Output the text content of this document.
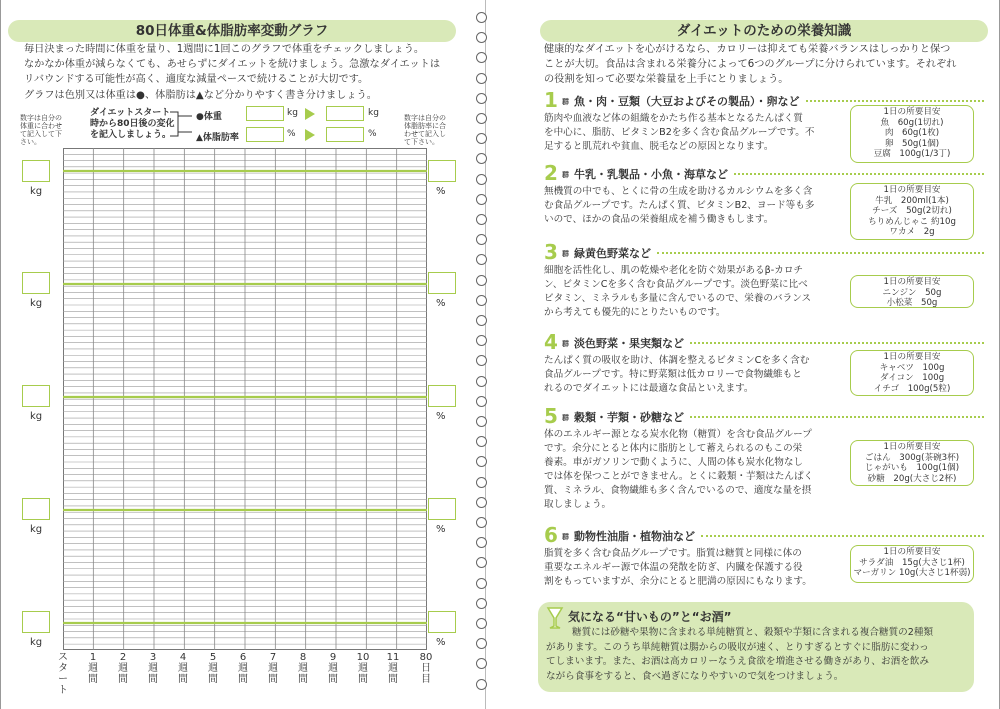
80日体重&体脂肪率変動グラフ
毎日決まった時間に体重を量り、1週間に1回このグラフで体重をチェックしましょう。
なかなか体重が減らなくても、あせらずにダイエットを続けましょう。急激なダイエットは
リバウンドする可能性が高く、適度な減量ペースで続けることが大切です。
グラフは色別又は体重は●、体脂肪は▲など分かりやすく書き分けましょう。
数字は自分の
体重に合わせ
て記入して下
さい。
数字は自分の
体脂肪率に合
わせて記入し
て下さい。
ダイエットスタート
時から80日後の変化
を記入しましょう。
●体重
▲体脂肪率
kg	kg
%	%
kg	%
kg	%
kg	%
kg	%
kg	%
ス
タ
ー
ト
1
週
間
2
週
間
3
週
間
4
週
間
5
週
間
6
週
間
7
週
間
8
週
間
9
週
間
10
週
間
11
週
間
80
日
目
ダイエットのための栄養知識
健康的なダイエットを心がけるなら、カロリーは抑えても栄養バランスはしっかりと保つ
ことが大切。食品は含まれる栄養分によって6つのグループに分けられています。それぞれ
の役割を知って必要な栄養量を上手にとりましょう。
1 群 魚・肉・豆類（大豆およびその製品）・卵など
筋肉や血液など体の組織をかたち作る基本となるたんぱく質
を中心に、脂肪、ビタミンB2を多く含む食品グループです。不
足すると肌荒れや貧血、脱毛などの原因となります。
1日の所要目安
魚　60g(1切れ)
肉　60g(1枚)
卵　50g(1個)
豆腐　100g(1/3丁)
2 群 牛乳・乳製品・小魚・海草など
無機質の中でも、とくに骨の生成を助けるカルシウムを多く含
む食品グループです。たんぱく質、ビタミンB2、ヨード等も多
いので、ほかの食品の栄養組成を補う働きもします。
1日の所要目安
牛乳　200ml(1本)
チーズ　50g(2切れ)
ちりめんじゃこ 約10g
ワカメ　2g
3 群 緑黄色野菜など
細胞を活性化し、肌の乾燥や老化を防ぐ効果があるβ-カロチ
ン、ビタミンCを多く含む食品グループです。淡色野菜に比べ
ビタミン、ミネラルも多量に含んでいるので、栄養のバランス
から考えても優先的にとりたいものです。
1日の所要目安
ニンジン　50g
小松菜　50g
4 群 淡色野菜・果実類など
たんぱく質の吸収を助け、体調を整えるビタミンCを多く含む
食品グループです。特に野菜類は低カロリーで食物繊維もと
れるのでダイエットには最適な食品といえます。
1日の所要目安
キャベツ　100g
ダイコン　100g
イチゴ　100g(5粒)
5 群 穀類・芋類・砂糖など
体のエネルギー源となる炭水化物（糖質）を含む食品グループ
です。余分にとると体内に脂肪として蓄えられるのもこの栄
養素。車がガソリンで動くように、人間の体も炭水化物なし
では体を保つことができません。とくに穀類・芋類はたんぱく
質、ミネラル、食物繊維も多く含んでいるので、適度な量を摂
取しましょう。
1日の所要目安
ごはん　300g(茶碗3杯)
じゃがいも　100g(1個)
砂糖　20g(大さじ2杯)
6 群 動物性油脂・植物油など
脂質を多く含む食品グループです。脂質は糖質と同様に体の
重要なエネルギー源で体温の発散を防ぎ、内臓を保護する役
割をもっていますが、余分にとると肥満の原因にもなります。
1日の所要目安
サラダ油　15g(大さじ1杯)
マーガリン 10g(大さじ1杯弱)
気になる“甘いもの”と“お酒”
糖質には砂糖や果物に含まれる単純糖質と、穀類や芋類に含まれる複合糖質の2種類
があります。このうち単純糖質は腸からの吸収が速く、とりすぎるとすぐに脂肪に変わっ
てしまいます。また、お酒は高カロリーなうえ食欲を増進させる働きがあり、お酒を飲み
ながら食事をすると、食べ過ぎになりやすいので気をつけましょう。
